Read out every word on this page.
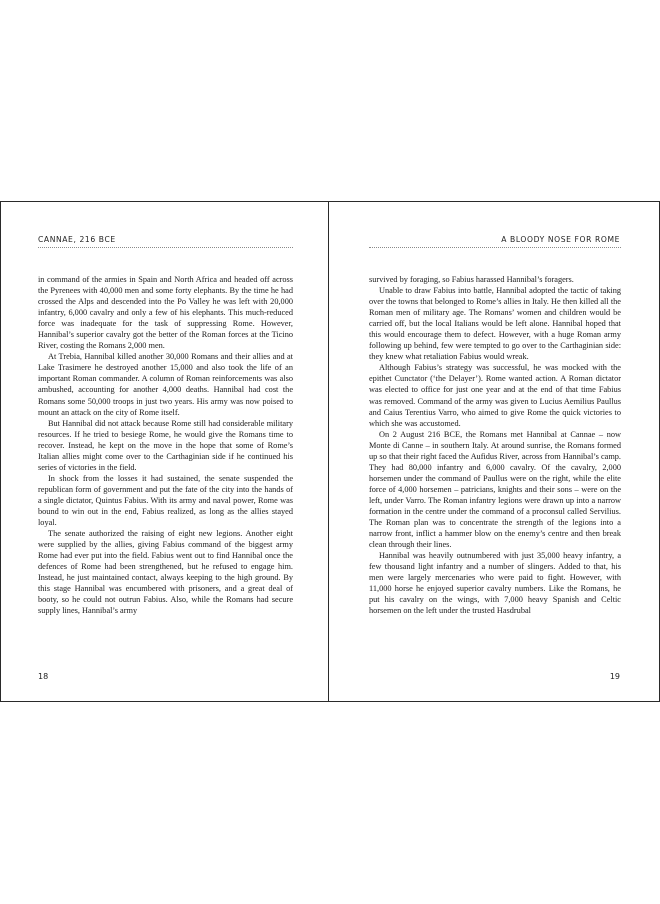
CANNAE, 216 BCE

in command of the armies in Spain and North Africa and headed off across the Pyrenees with 40,000 men and some forty elephants. By the time he had crossed the Alps and descended into the Po Valley he was left with 20,000 infantry, 6,000 cavalry and only a few of his elephants. This much-reduced force was inadequate for the task of suppressing Rome. However, Hannibal’s superior cavalry got the better of the Roman forces at the Ticino River, costing the Romans 2,000 men.

At Trebia, Hannibal killed another 30,000 Romans and their allies and at Lake Trasimere he destroyed another 15,000 and also took the life of an important Roman commander. A column of Roman reinforcements was also ambushed, accounting for another 4,000 deaths. Hannibal had cost the Romans some 50,000 troops in just two years. His army was now poised to mount an attack on the city of Rome itself.

But Hannibal did not attack because Rome still had considerable military resources. If he tried to besiege Rome, he would give the Romans time to recover. Instead, he kept on the move in the hope that some of Rome’s Italian allies might come over to the Carthaginian side if he continued his series of victories in the field.

In shock from the losses it had sustained, the senate suspended the republican form of government and put the fate of the city into the hands of a single dictator, Quintus Fabius. With its army and naval power, Rome was bound to win out in the end, Fabius realized, as long as the allies stayed loyal.

The senate authorized the raising of eight new legions. Another eight were supplied by the allies, giving Fabius command of the biggest army Rome had ever put into the field. Fabius went out to find Hannibal once the defences of Rome had been strengthened, but he refused to engage him. Instead, he just maintained contact, always keeping to the high ground. By this stage Hannibal was encumbered with prisoners, and a great deal of booty, so he could not outrun Fabius. Also, while the Romans had secure supply lines, Hannibal’s army

18
A BLOODY NOSE FOR ROME

survived by foraging, so Fabius harassed Hannibal’s foragers.

Unable to draw Fabius into battle, Hannibal adopted the tactic of taking over the towns that belonged to Rome’s allies in Italy. He then killed all the Roman men of military age. The Romans’ women and children would be carried off, but the local Italians would be left alone. Hannibal hoped that this would encourage them to defect. However, with a huge Roman army following up behind, few were tempted to go over to the Carthaginian side: they knew what retaliation Fabius would wreak.

Although Fabius’s strategy was successful, he was mocked with the epithet Cunctator (‘the Delayer’). Rome wanted action. A Roman dictator was elected to office for just one year and at the end of that time Fabius was removed. Command of the army was given to Lucius Aemilius Paullus and Caius Terentius Varro, who aimed to give Rome the quick victories to which she was accustomed.

On 2 August 216 BCE, the Romans met Hannibal at Cannae – now Monte di Canne – in southern Italy. At around sunrise, the Romans formed up so that their right faced the Aufidus River, across from Hannibal’s camp. They had 80,000 infantry and 6,000 cavalry. Of the cavalry, 2,000 horsemen under the command of Paullus were on the right, while the elite force of 4,000 horsemen – patricians, knights and their sons – were on the left, under Varro. The Roman infantry legions were drawn up into a narrow formation in the centre under the command of a proconsul called Servilius. The Roman plan was to concentrate the strength of the legions into a narrow front, inflict a hammer blow on the enemy’s centre and then break clean through their lines.

Hannibal was heavily outnumbered with just 35,000 heavy infantry, a few thousand light infantry and a number of slingers. Added to that, his men were largely mercenaries who were paid to fight. However, with 11,000 horse he enjoyed superior cavalry numbers. Like the Romans, he put his cavalry on the wings, with 7,000 heavy Spanish and Celtic horsemen on the left under the trusted Hasdrubal

19
